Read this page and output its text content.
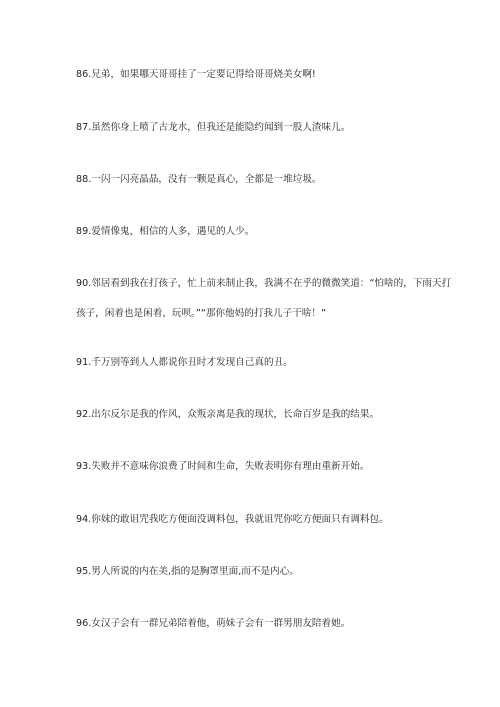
86.兄弟，如果哪天哥哥挂了一定要记得给哥哥烧美女啊!
87.虽然你身上喷了古龙水，但我还是能隐约闻到一股人渣味儿。
88.一闪一闪亮晶晶，没有一颗是真心，全都是一堆垃圾。
89.爱情像鬼，相信的人多，遇见的人少。
90.邻居看到我在打孩子，忙上前来制止我，我满不在乎的微微笑道：“怕啥的，下雨天打
孩子，闲着也是闲着，玩呗。”“那你他妈的打我儿子干啥！”
91.千万别等到人人都说你丑时才发现自己真的丑。
92.出尔反尔是我的作风，众叛亲离是我的现状，长命百岁是我的结果。
93.失败并不意味你浪费了时间和生命，失败表明你有理由重新开始。
94.你妹的敢诅咒我吃方便面没调料包，我就诅咒你吃方便面只有调料包。
95.男人所说的内在美,指的是胸罩里面,而不是内心。
96.女汉子会有一群兄弟陪着他，萌妹子会有一群男朋友陪着她。
